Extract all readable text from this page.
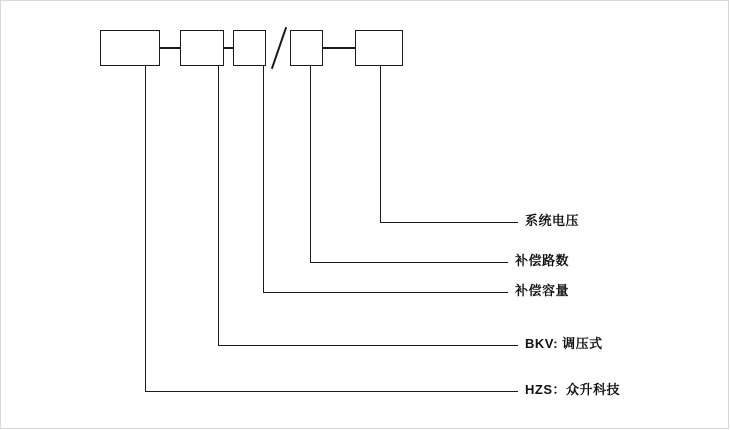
系统电压
补偿路数
补偿容量
BKV: 调压式
HZS：众升科技
